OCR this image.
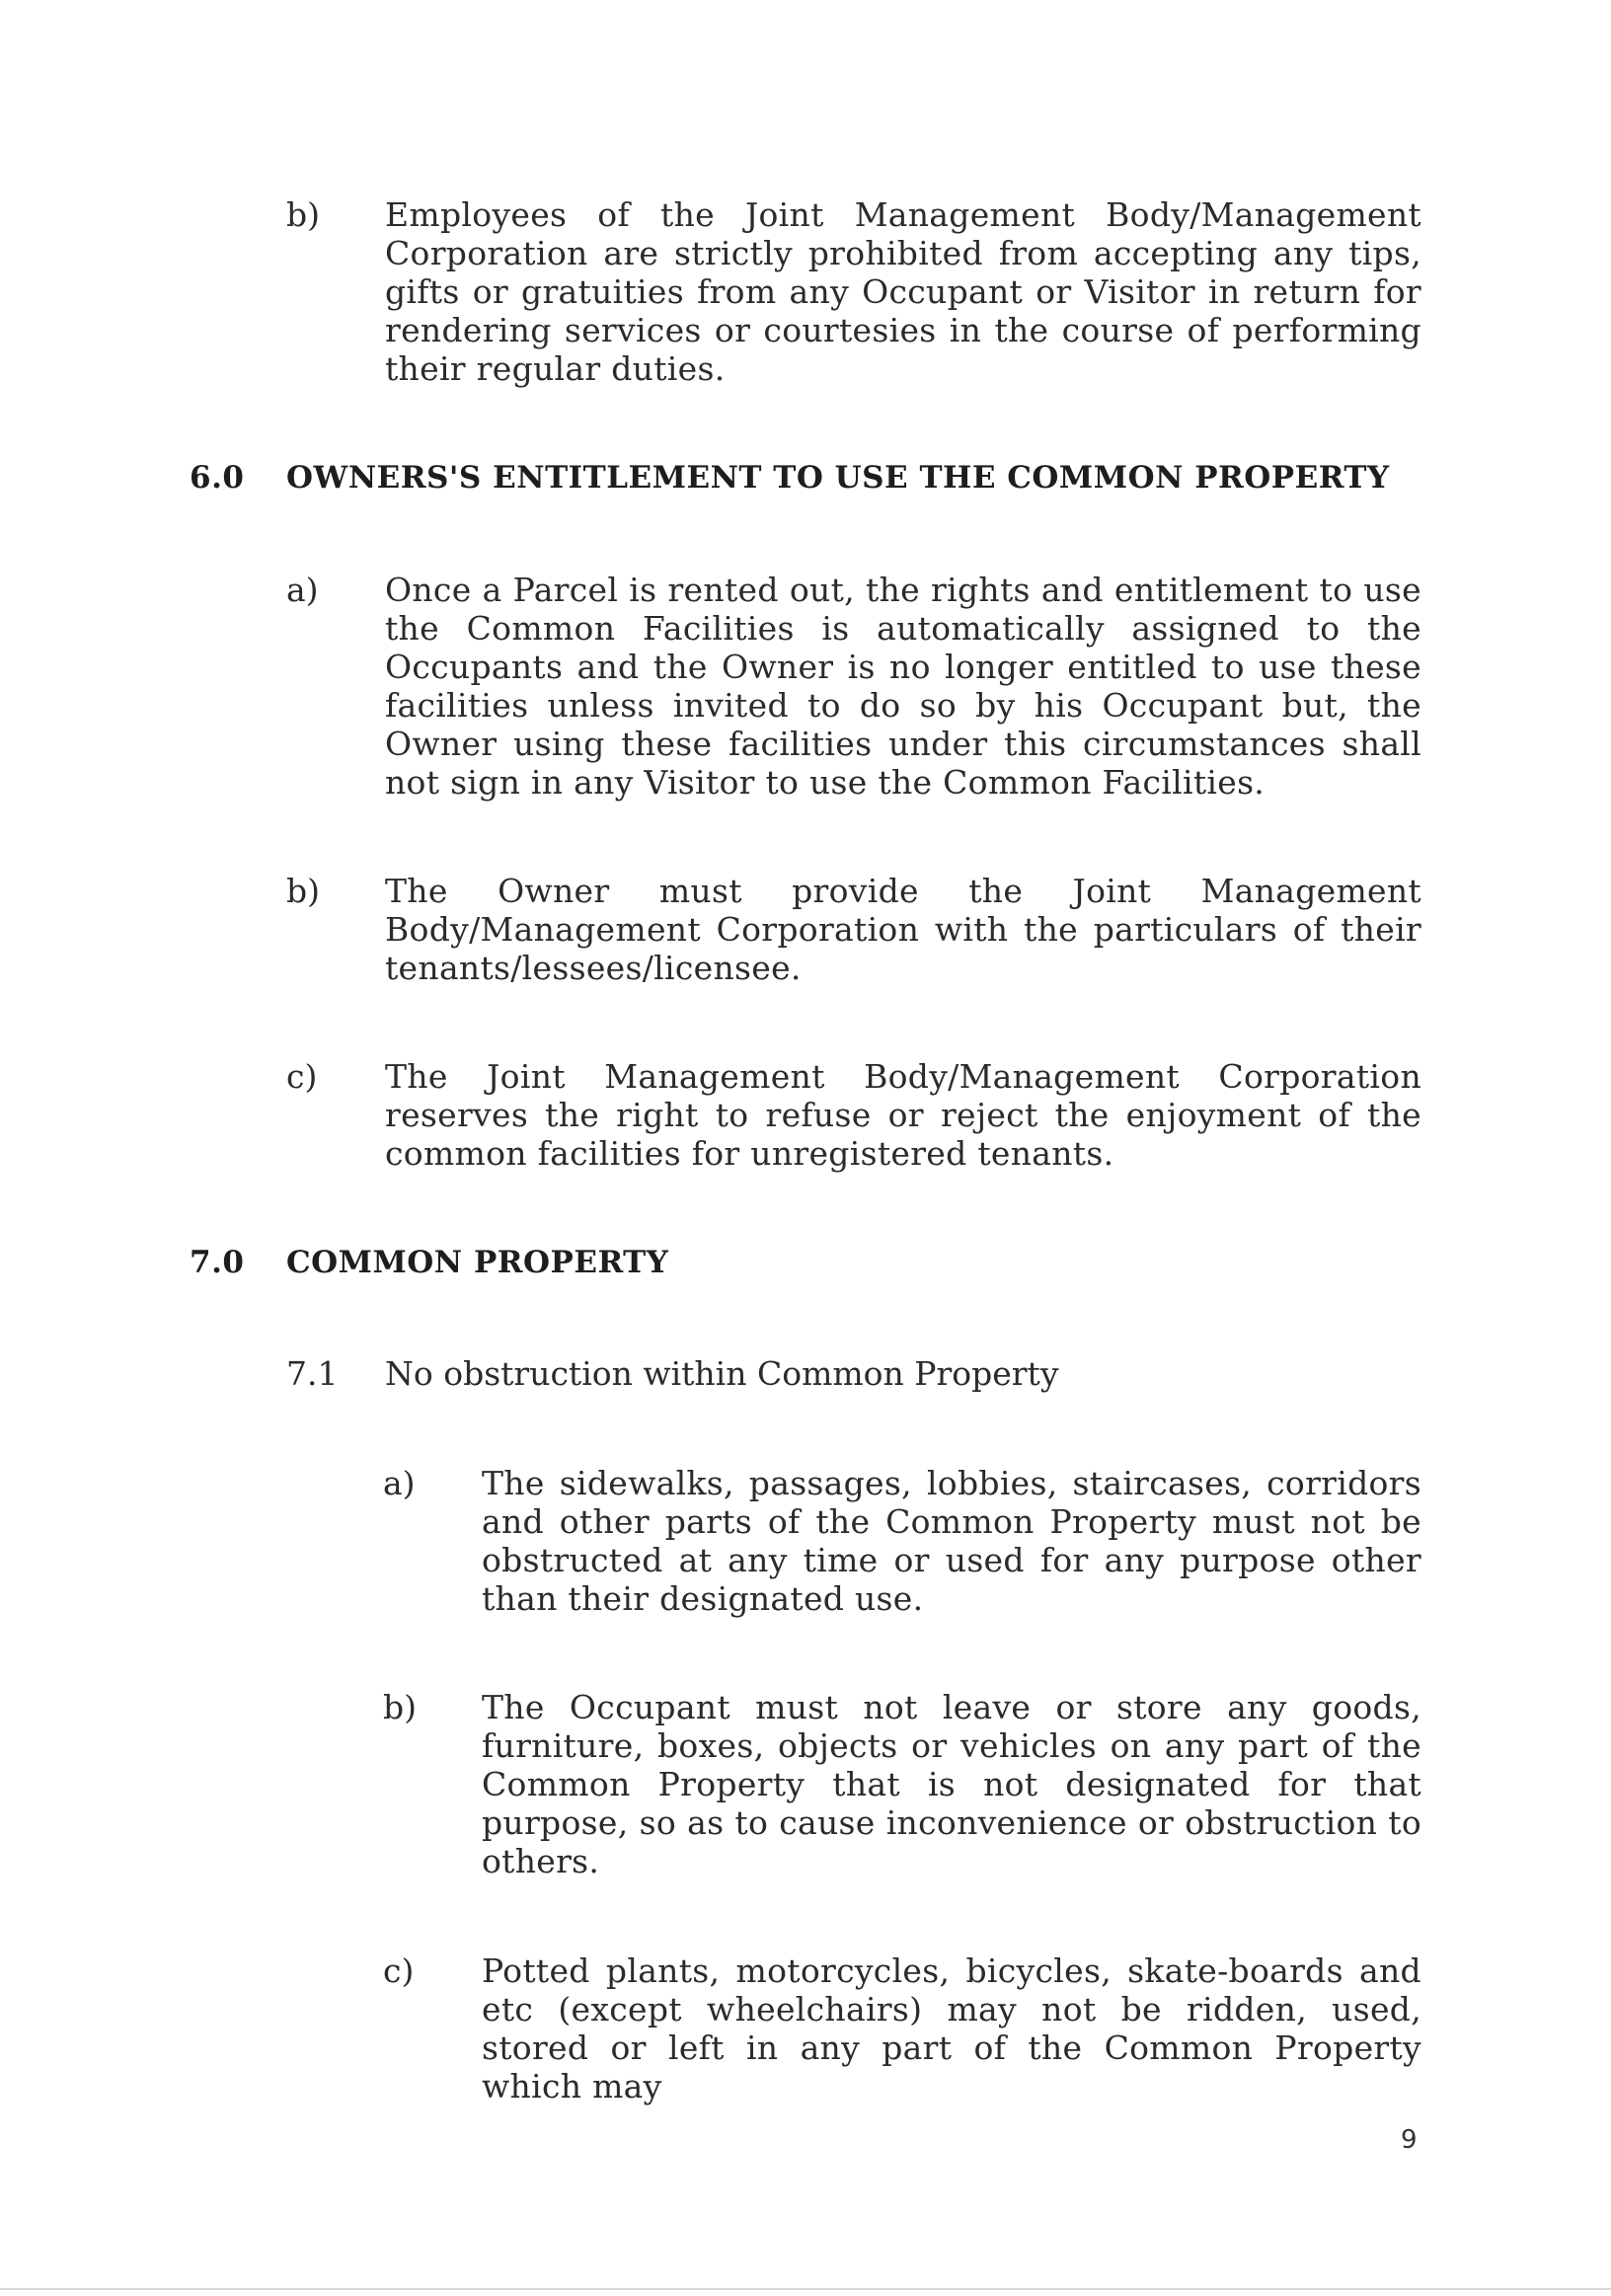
b) Employees of the Joint Management Body/Management Corporation are strictly prohibited from accepting any tips, gifts or gratuities from any Occupant or Visitor in return for rendering services or courtesies in the course of performing their regular duties.
6.0 OWNERS'S ENTITLEMENT TO USE THE COMMON PROPERTY
a) Once a Parcel is rented out, the rights and entitlement to use the Common Facilities is automatically assigned to the Occupants and the Owner is no longer entitled to use these facilities unless invited to do so by his Occupant but, the Owner using these facilities under this circumstances shall not sign in any Visitor to use the Common Facilities.
b) The Owner must provide the Joint Management Body/Management Corporation with the particulars of their tenants/lessees/licensee.
c) The Joint Management Body/Management Corporation reserves the right to refuse or reject the enjoyment of the common facilities for unregistered tenants.
7.0 COMMON PROPERTY
7.1 No obstruction within Common Property
a) The sidewalks, passages, lobbies, staircases, corridors and other parts of the Common Property must not be obstructed at any time or used for any purpose other than their designated use.
b) The Occupant must not leave or store any goods, furniture, boxes, objects or vehicles on any part of the Common Property that is not designated for that purpose, so as to cause inconvenience or obstruction to others.
c) Potted plants, motorcycles, bicycles, skate-boards and etc (except wheelchairs) may not be ridden, used, stored or left in any part of the Common Property which may
9
